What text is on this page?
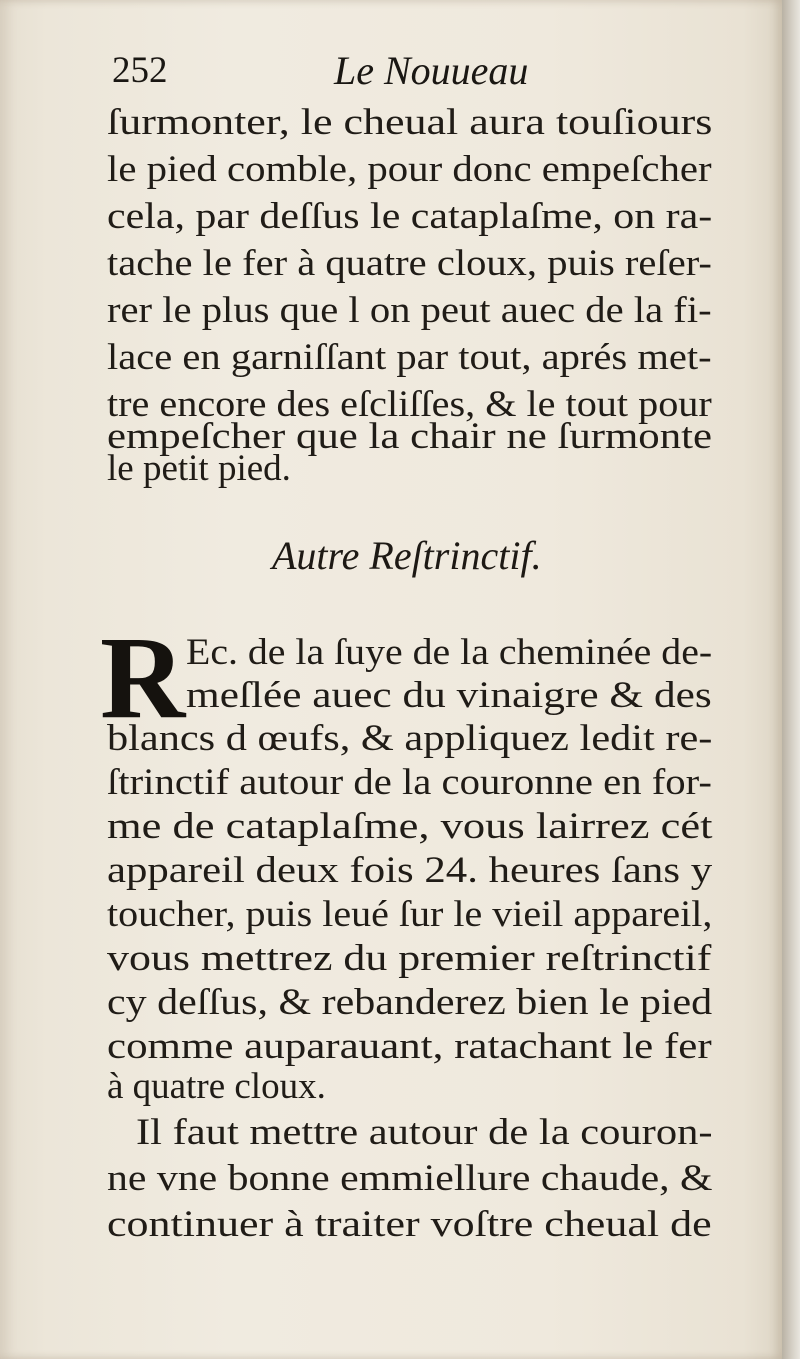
252	Le Nouueau
ſurmonter, le cheual aura touſiours
le pied comble, pour donc empeſcher
cela, par deſſus le cataplaſme, on ra-
tache le fer à quatre cloux, puis reſer-
rer le plus que l on peut auec de la fi-
lace en garniſſant par tout, aprés met-
tre encore des eſcliſſes, & le tout pour
empeſcher que la chair ne ſurmonte
le petit pied.
Autre Reſtrinctif.
R Ec. de la ſuye de la cheminée de-
meſlée auec du vinaigre & des
blancs d œufs, & appliquez ledit re-
ſtrinctif autour de la couronne en for-
me de cataplaſme, vous lairrez cét
appareil deux fois 24. heures ſans y
toucher, puis leué ſur le vieil appareil,
vous mettrez du premier reſtrinctif
cy deſſus, & rebanderez bien le pied
comme auparauant, ratachant le fer
à quatre cloux.
Il faut mettre autour de la couron-
ne vne bonne emmiellure chaude, &
continuer à traiter voſtre cheual de
